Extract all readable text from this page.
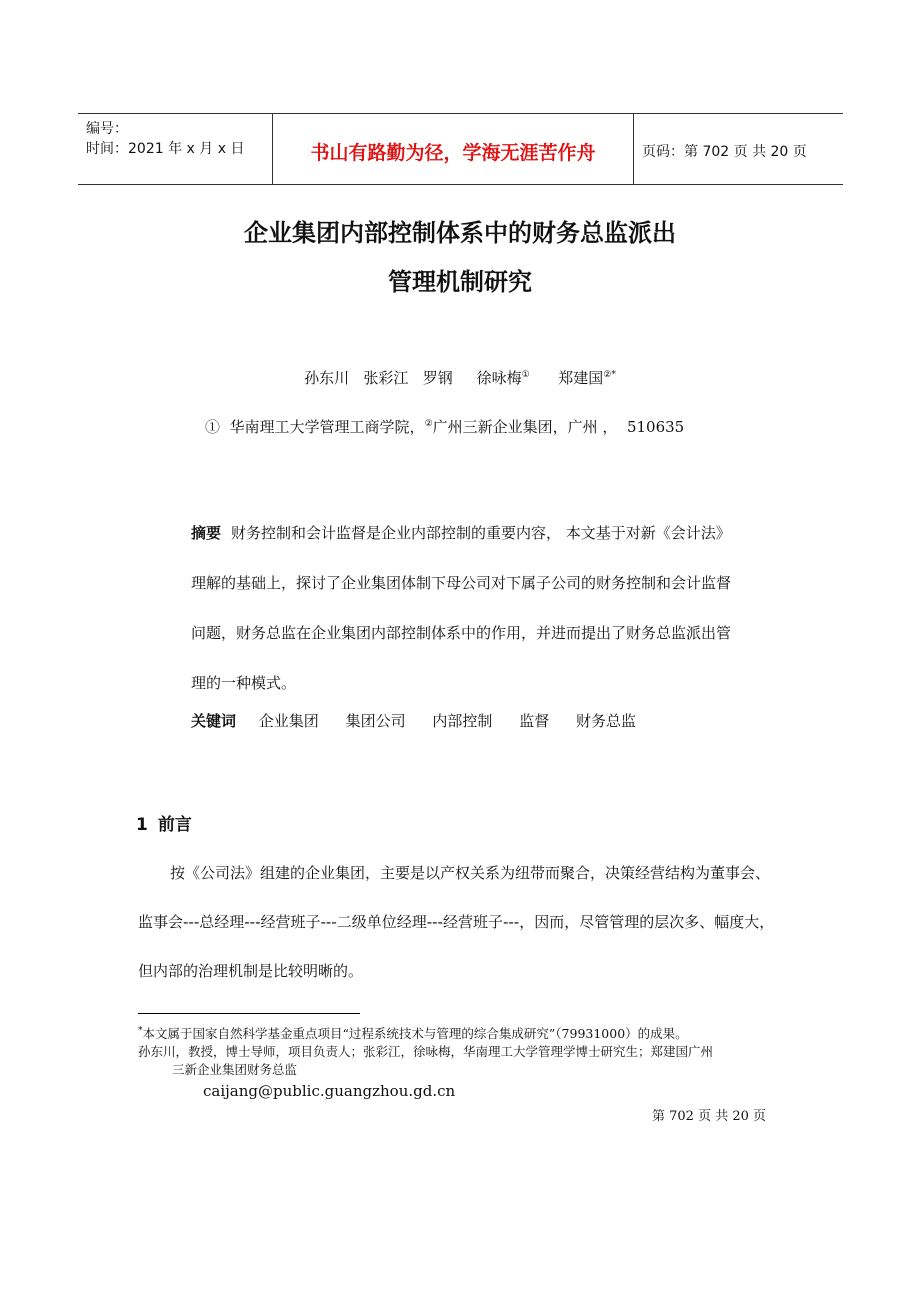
编号：
时间：2021 年 x 月 x 日	书山有路勤为径，学海无涯苦作舟	页码：第 702 页 共 20 页
企业集团内部控制体系中的财务总监派出
管理机制研究
孙东川   张彩江   罗钢     徐咏梅① 郑建国②*
①  华南理工大学管理工商学院，②广州三新企业集团，广州 ，  510635
摘要 财务控制和会计监督是企业内部控制的重要内容， 本文基于对新《会计法》理解的基础上，探讨了企业集团体制下母公司对下属子公司的财务控制和会计监督问题，财务总监在企业集团内部控制体系中的作用，并进而提出了财务总监派出管理的一种模式。
关键词 企业集团 集团公司 内部控制 监督 财务总监
1 前言
按《公司法》组建的企业集团，主要是以产权关系为纽带而聚合，决策经营结构为董事会、监事会---总经理---经营班子---二级单位经理---经营班子---，因而，尽管管理的层次多、幅度大，但内部的治理机制是比较明晰的。
*本文属于国家自然科学基金重点项目“过程系统技术与管理的综合集成研究”（79931000）的成果。
孙东川，教授，博士导师，项目负责人；张彩江，徐咏梅，华南理工大学管理学博士研究生；郑建国广州

三新企业集团财务总监
caijang@public.guangzhou.gd.cn
第 702 页 共 20 页
